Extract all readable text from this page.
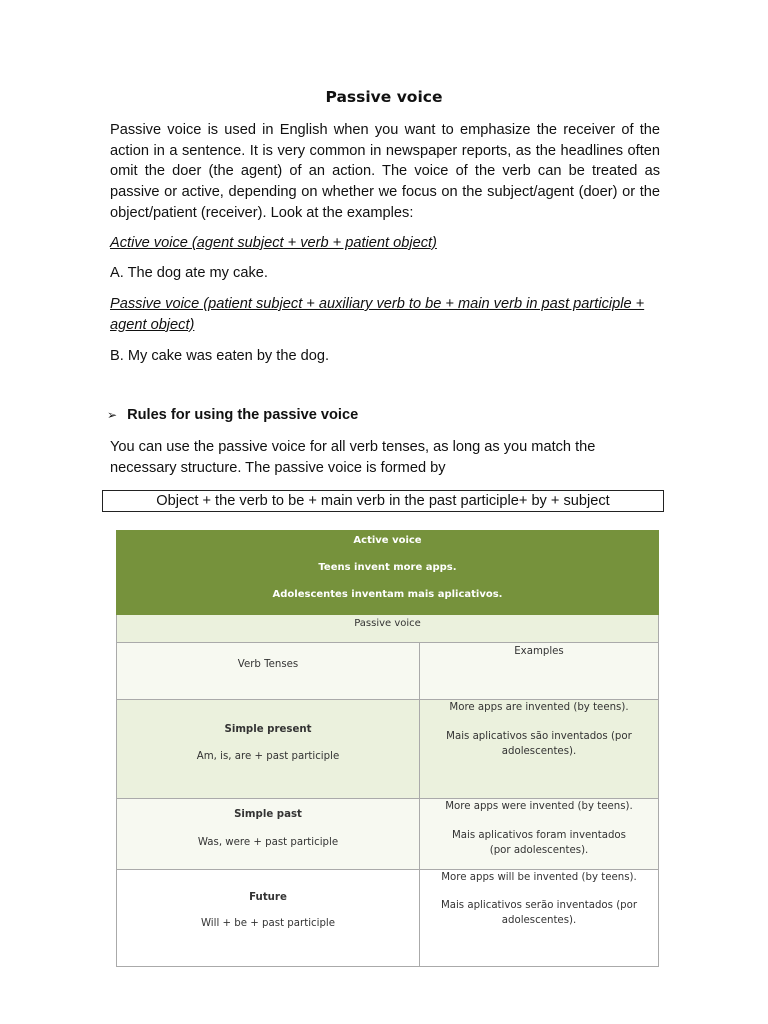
Passive voice

Passive voice is used in English when you want to emphasize the receiver of the action in a sentence. It is very common in newspaper reports, as the headlines often omit the doer (the agent) of an action. The voice of the verb can be treated as passive or active, depending on whether we focus on the subject/agent (doer) or the object/patient (receiver). Look at the examples:

Active voice (agent subject + verb + patient object)

A. The dog ate my cake.

Passive voice (patient subject + auxiliary verb to be + main verb in past participle + agent object)

B. My cake was eaten by the dog.

➢ Rules for using the passive voice

You can use the passive voice for all verb tenses, as long as you match the necessary structure. The passive voice is formed by

Object + the verb to be + main verb in the past participle+ by + subject
Active voice
Teens invent more apps.
Adolescentes inventam mais aplicativos.
Passive voice
Verb Tenses
Examples
Simple present
Am, is, are + past participle
More apps are invented (by teens).
Mais aplicativos são inventados (por adolescentes).
Simple past
Was, were + past participle
More apps were invented (by teens).
Mais aplicativos foram inventados (por adolescentes).
Future
Will + be + past participle
More apps will be invented (by teens).
Mais aplicativos serão inventados (por adolescentes).
